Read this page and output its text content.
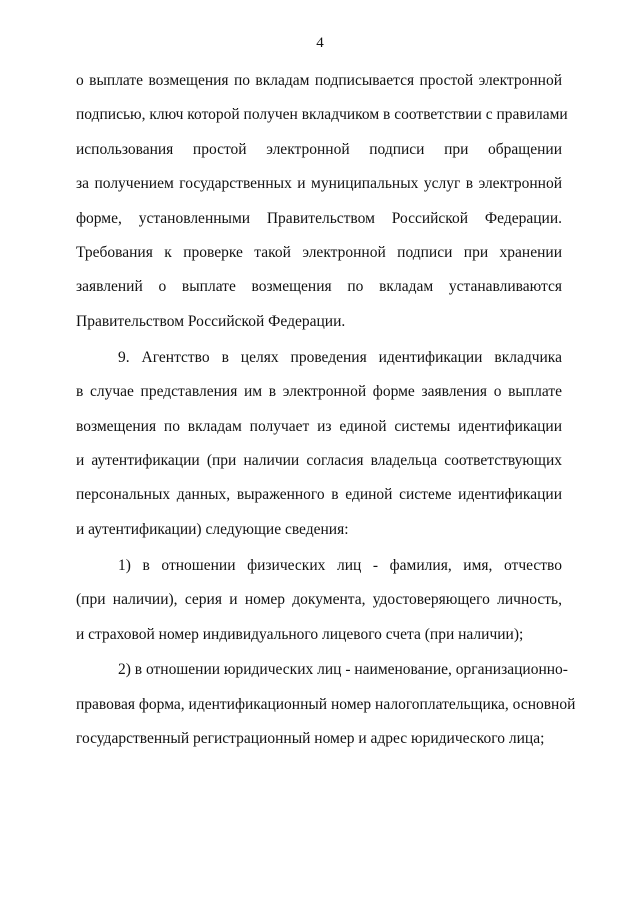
4

о выплате возмещения по вкладам подписывается простой электронной
подписью, ключ которой получен вкладчиком в соответствии с правилами
использования простой электронной подписи при обращении
за получением государственных и муниципальных услуг в электронной
форме, установленными Правительством Российской Федерации.
Требования к проверке такой электронной подписи при хранении
заявлений о выплате возмещения по вкладам устанавливаются
Правительством Российской Федерации.

9. Агентство в целях проведения идентификации вкладчика
в случае представления им в электронной форме заявления о выплате
возмещения по вкладам получает из единой системы идентификации
и аутентификации (при наличии согласия владельца соответствующих
персональных данных, выраженного в единой системе идентификации
и аутентификации) следующие сведения:

1) в отношении физических лиц - фамилия, имя, отчество
(при наличии), серия и номер документа, удостоверяющего личность,
и страховой номер индивидуального лицевого счета (при наличии);

2) в отношении юридических лиц - наименование, организационно-
правовая форма, идентификационный номер налогоплательщика, основной
государственный регистрационный номер и адрес юридического лица;
